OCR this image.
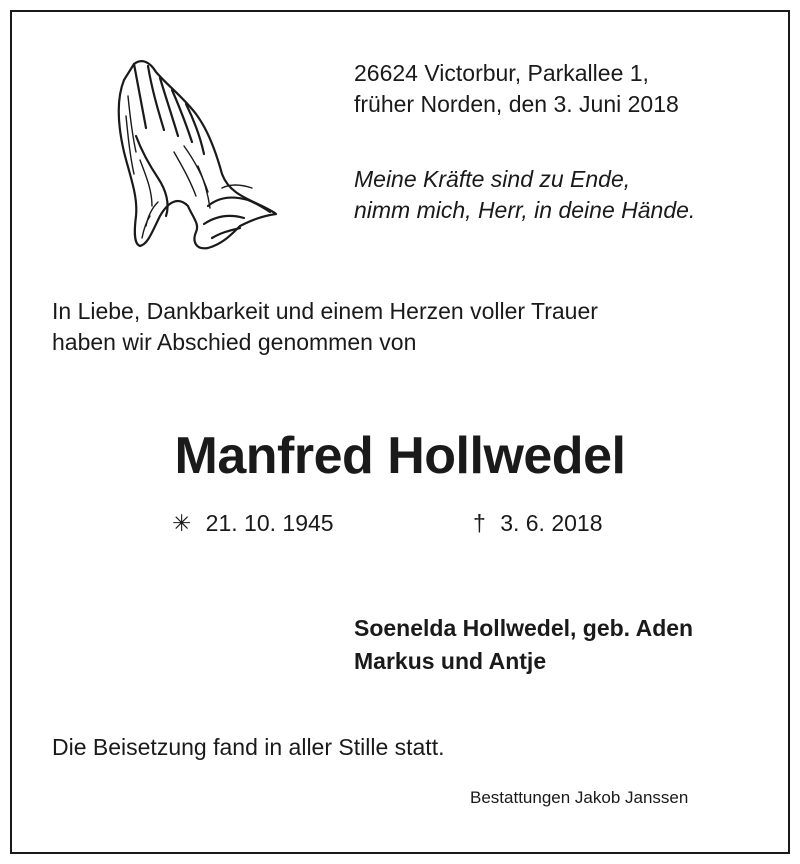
26624 Victorbur, Parkallee 1,
früher Norden, den 3. Juni 2018
Meine Kräfte sind zu Ende,
nimm mich, Herr, in deine Hände.
In Liebe, Dankbarkeit und einem Herzen voller Trauer
haben wir Abschied genommen von
Manfred Hollwedel
✳ 21. 10. 1945	† 3. 6. 2018
Soenelda Hollwedel, geb. Aden
Markus und Antje
Die Beisetzung fand in aller Stille statt.
Bestattungen Jakob Janssen
